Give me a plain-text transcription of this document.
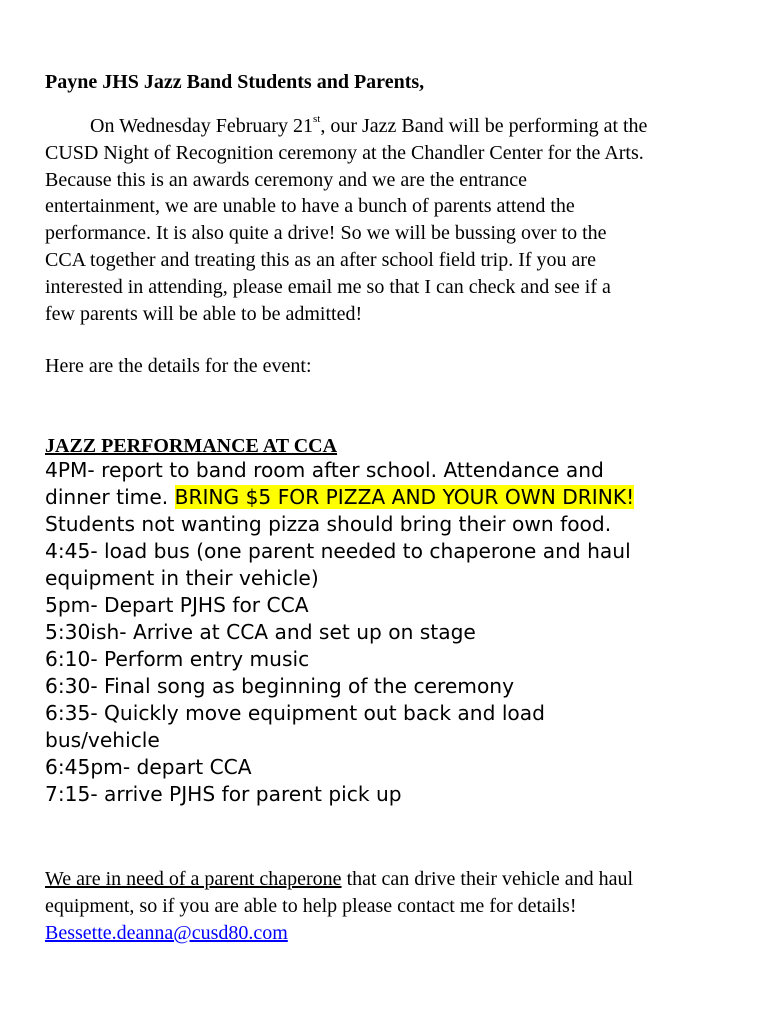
Payne JHS Jazz Band Students and Parents,
On Wednesday February 21st, our Jazz Band will be performing at the
CUSD Night of Recognition ceremony at the Chandler Center for the Arts.
Because this is an awards ceremony and we are the entrance
entertainment, we are unable to have a bunch of parents attend the
performance. It is also quite a drive! So we will be bussing over to the
CCA together and treating this as an after school field trip. If you are
interested in attending, please email me so that I can check and see if a
few parents will be able to be admitted!
Here are the details for the event:
JAZZ PERFORMANCE AT CCA
4PM- report to band room after school. Attendance and
dinner time. BRING $5 FOR PIZZA AND YOUR OWN DRINK!
Students not wanting pizza should bring their own food.
4:45- load bus (one parent needed to chaperone and haul
equipment in their vehicle)
5pm- Depart PJHS for CCA
5:30ish- Arrive at CCA and set up on stage
6:10- Perform entry music
6:30- Final song as beginning of the ceremony
6:35- Quickly move equipment out back and load
bus/vehicle
6:45pm- depart CCA
7:15- arrive PJHS for parent pick up
We are in need of a parent chaperone that can drive their vehicle and haul
equipment, so if you are able to help please contact me for details!
Bessette.deanna@cusd80.com
